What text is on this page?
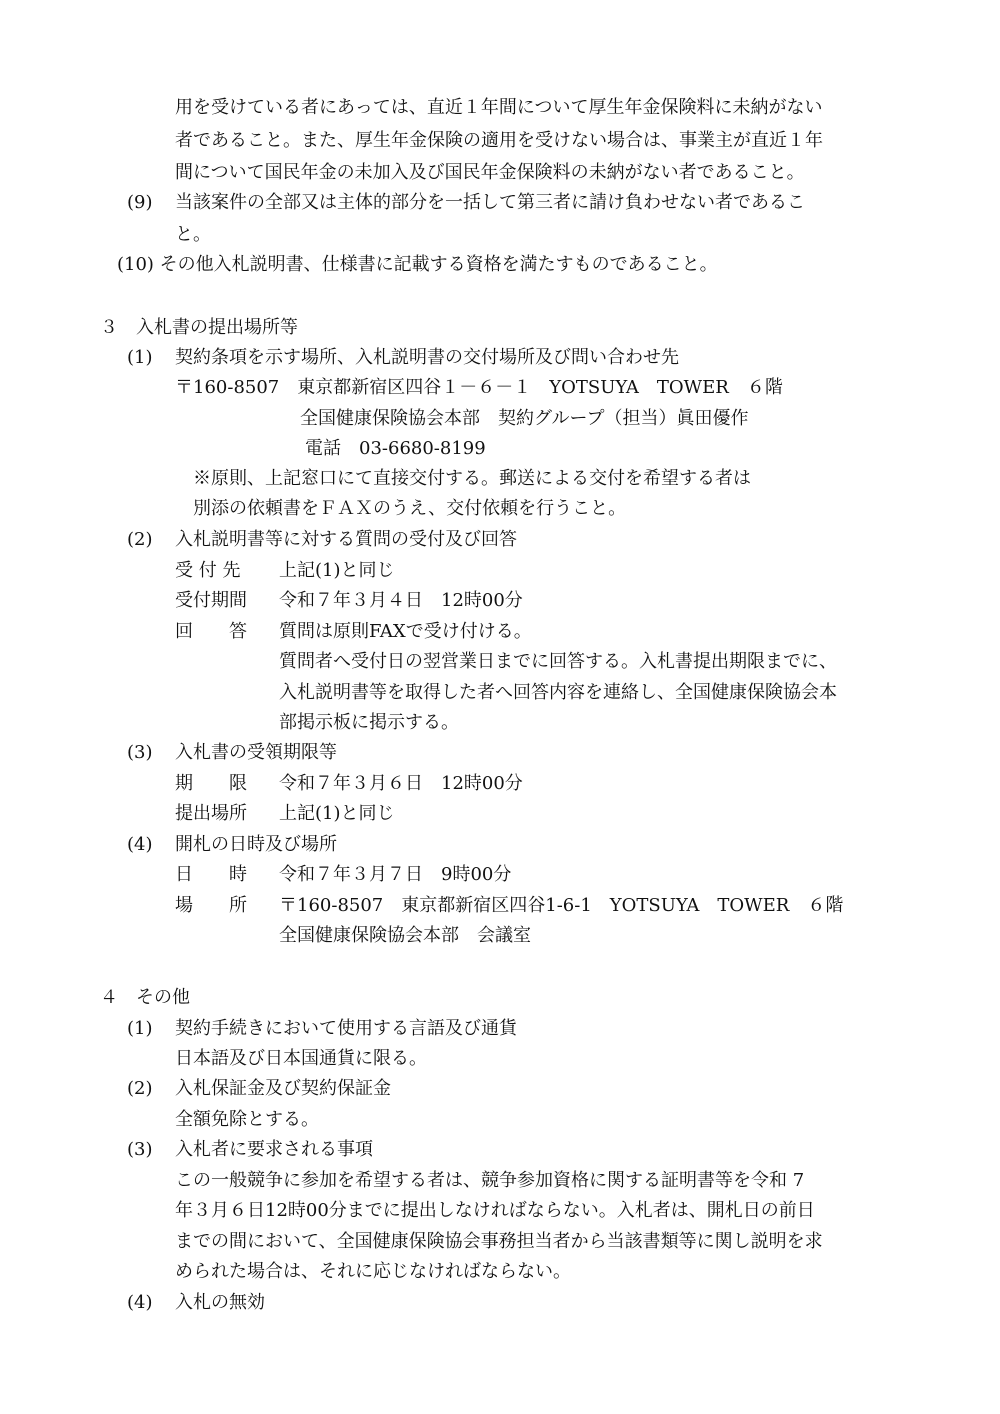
用を受けている者にあっては、直近１年間について厚生年金保険料に未納がない
者であること。また、厚生年金保険の適用を受けない場合は、事業主が直近１年
間について国民年金の未加入及び国民年金保険料の未納がない者であること。
(9) 当該案件の全部又は主体的部分を一括して第三者に請け負わせない者であるこ
と。
(10) その他入札説明書、仕様書に記載する資格を満たすものであること。
３　入札書の提出場所等
(1) 契約条項を示す場所、入札説明書の交付場所及び問い合わせ先
〒160-8507　東京都新宿区四谷１－６－１　YOTSUYA　TOWER　６階
全国健康保険協会本部　契約グループ（担当）眞田優作
電話　03-6680-8199
※原則、上記窓口にて直接交付する。郵送による交付を希望する者は
別添の依頼書をＦＡＸのうえ、交付依頼を行うこと。
(2) 入札説明書等に対する質問の受付及び回答
受 付 先 上記(1)と同じ
受付期間 令和７年３月４日　12時00分
回　　答 質問は原則FAXで受け付ける。
質問者へ受付日の翌営業日までに回答する。入札書提出期限までに、
入札説明書等を取得した者へ回答内容を連絡し、全国健康保険協会本
部掲示板に掲示する。
(3) 入札書の受領期限等
期　　限 令和７年３月６日　12時00分
提出場所 上記(1)と同じ
(4) 開札の日時及び場所
日　　時 令和７年３月７日　9時00分
場　　所 〒160-8507　東京都新宿区四谷1-6-1　YOTSUYA　TOWER　６階
全国健康保険協会本部　会議室
４　その他
(1) 契約手続きにおいて使用する言語及び通貨
日本語及び日本国通貨に限る。
(2) 入札保証金及び契約保証金
全額免除とする。
(3) 入札者に要求される事項
この一般競争に参加を希望する者は、競争参加資格に関する証明書等を令和 7
年３月６日12時00分までに提出しなければならない。入札者は、開札日の前日
までの間において、全国健康保険協会事務担当者から当該書類等に関し説明を求
められた場合は、それに応じなければならない。
(4) 入札の無効
